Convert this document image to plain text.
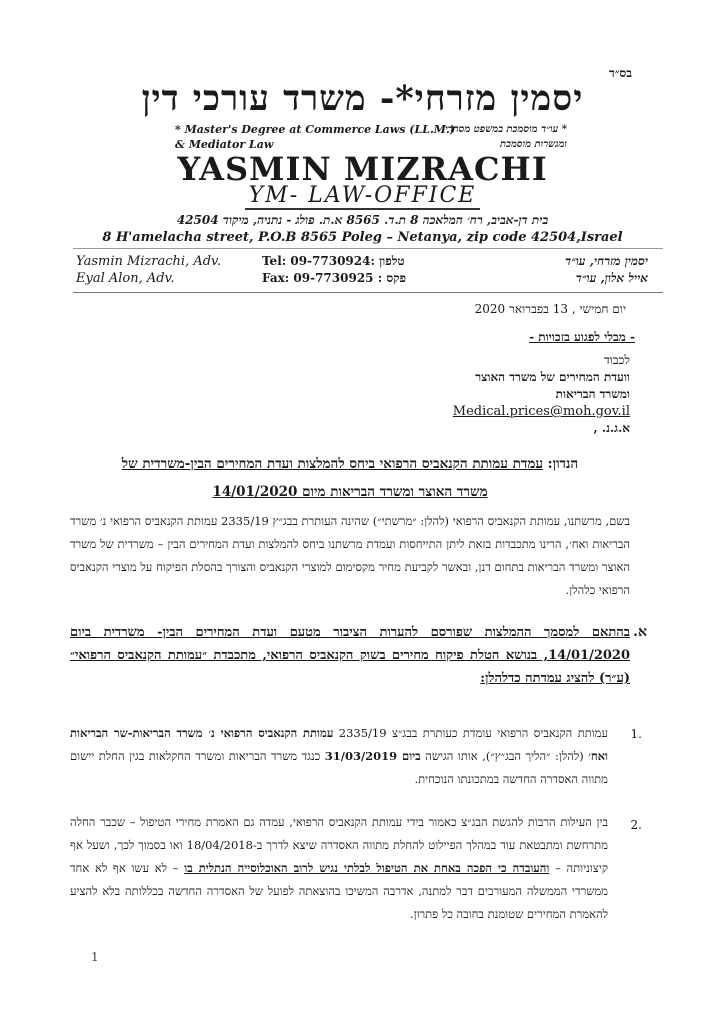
בס״ד
יסמין מזרחי*- משרד עורכי דין
* Master's Degree at Commerce Laws (LL.M.)
& Mediator Law
* עו״ד מוסמכת במשפט מסחרי
ומגשרות מוסמכת
YASMIN MIZRACHI
YM- LAW-OFFICE
בית דן-אביב, רח׳ המלאכה 8 ת.ד. 8565 א.ת. פולג - נתניה, מיקוד 42504
8 H'amelacha street, P.O.B 8565 Poleg – Netanya, zip code 42504,Israel
Yasmin Mizrachi, Adv.
Eyal Alon, Adv.
Tel: 09-7730924: טלפון
Fax: 09-7730925 : פקס
יסמין מזרחי, עו״ד
אייל אלון, עו״ד
יום חמישי , 13 בפברואר 2020
- מבלי לפגוע בזכויות -
לכבוד
וועדת המחירים של משרד האוצר
ומשרד הבריאות
Medical.prices@moh.gov.il
א.ג.נ. ,
הנדון: עמדת עמותת הקנאביס הרפואי ביחס להמלצות ועדת המחירים הבין-משרדית של
משרד האוצר ומשרד הבריאות מיום 14/01/2020
בשם, מרשתנו, עמותת הקנאביס הרפואי (להלן: ״מרשתי״) שהינה העותרת בבג״ץ 2335/19 עמותת הקנאביס הרפואי נ׳ משרד הבריאות ואח׳, הרינו מתכבדות בזאת ליתן התייחסות ועמדת מרשתנו ביחס להמלצות ועדת המחירים הבין – משרדית של משרד האוצר ומשרד הבריאות בתחום דנן, ובאשר לקביעת מחיר מקסימום למוצרי הקנאביס והצורך בהסלת הפיקוח על מוצרי הקנאביס הרפואי כלהלן.
א.
בהתאם למסמך ההמלצות שפורסם להערות הציבור מטעם ועדת המחירים הבין- משרדית ביום 14/01/2020, בנושא הטלת פיקוח מחירים בשוק הקנאביס הרפואי, מתכבדת ״עמותת הקנאביס הרפואי״ (ע״ר) להציג עמדתה כדלהלן:
.1
עמותת הקנאביס הרפואי עומדת כעותרת בבג״צ 2335/19 עמותת הקנאביס הרפואי נ׳ משרד הבריאות-שר הבריאות ואח׳ (להלן: ״הליך הבג״ץ״), אותו הגישה ביום 31/03/2019 כנגד משרד הבריאות ומשרד החקלאות בגין החלת יישום מתווה האסדרה החדשה במתכונתו הנוכחית.
.2
בין העילות הרבות להגשת הבג״צ כאמור בידי עמותת הקנאביס הרפואי, עמדה גם האמרת מחירי הטיפול – שכבר החלה מתרחשת ומתבטאת עוד במהלך הפיילוט להחלת מתווה האסדרה שיצא לדרך ב-18/04/2018 ואו בסמוך לכך, ושעל אף קיצוניותה – והעובדה כי הפכה באחת את הטיפול לבלתי נגיש לרוב האוכלוסייה הנתלית בו – לא עשו אף לא אחד ממשרדי הממשלה המעורבים דבר למתנה, אדרבה המשיכו בהוצאתה לפועל של האסדרה החדשה בכללותה בלא להציע להאמרת המחירים שטומנת בחובה כל פתרון.
1
